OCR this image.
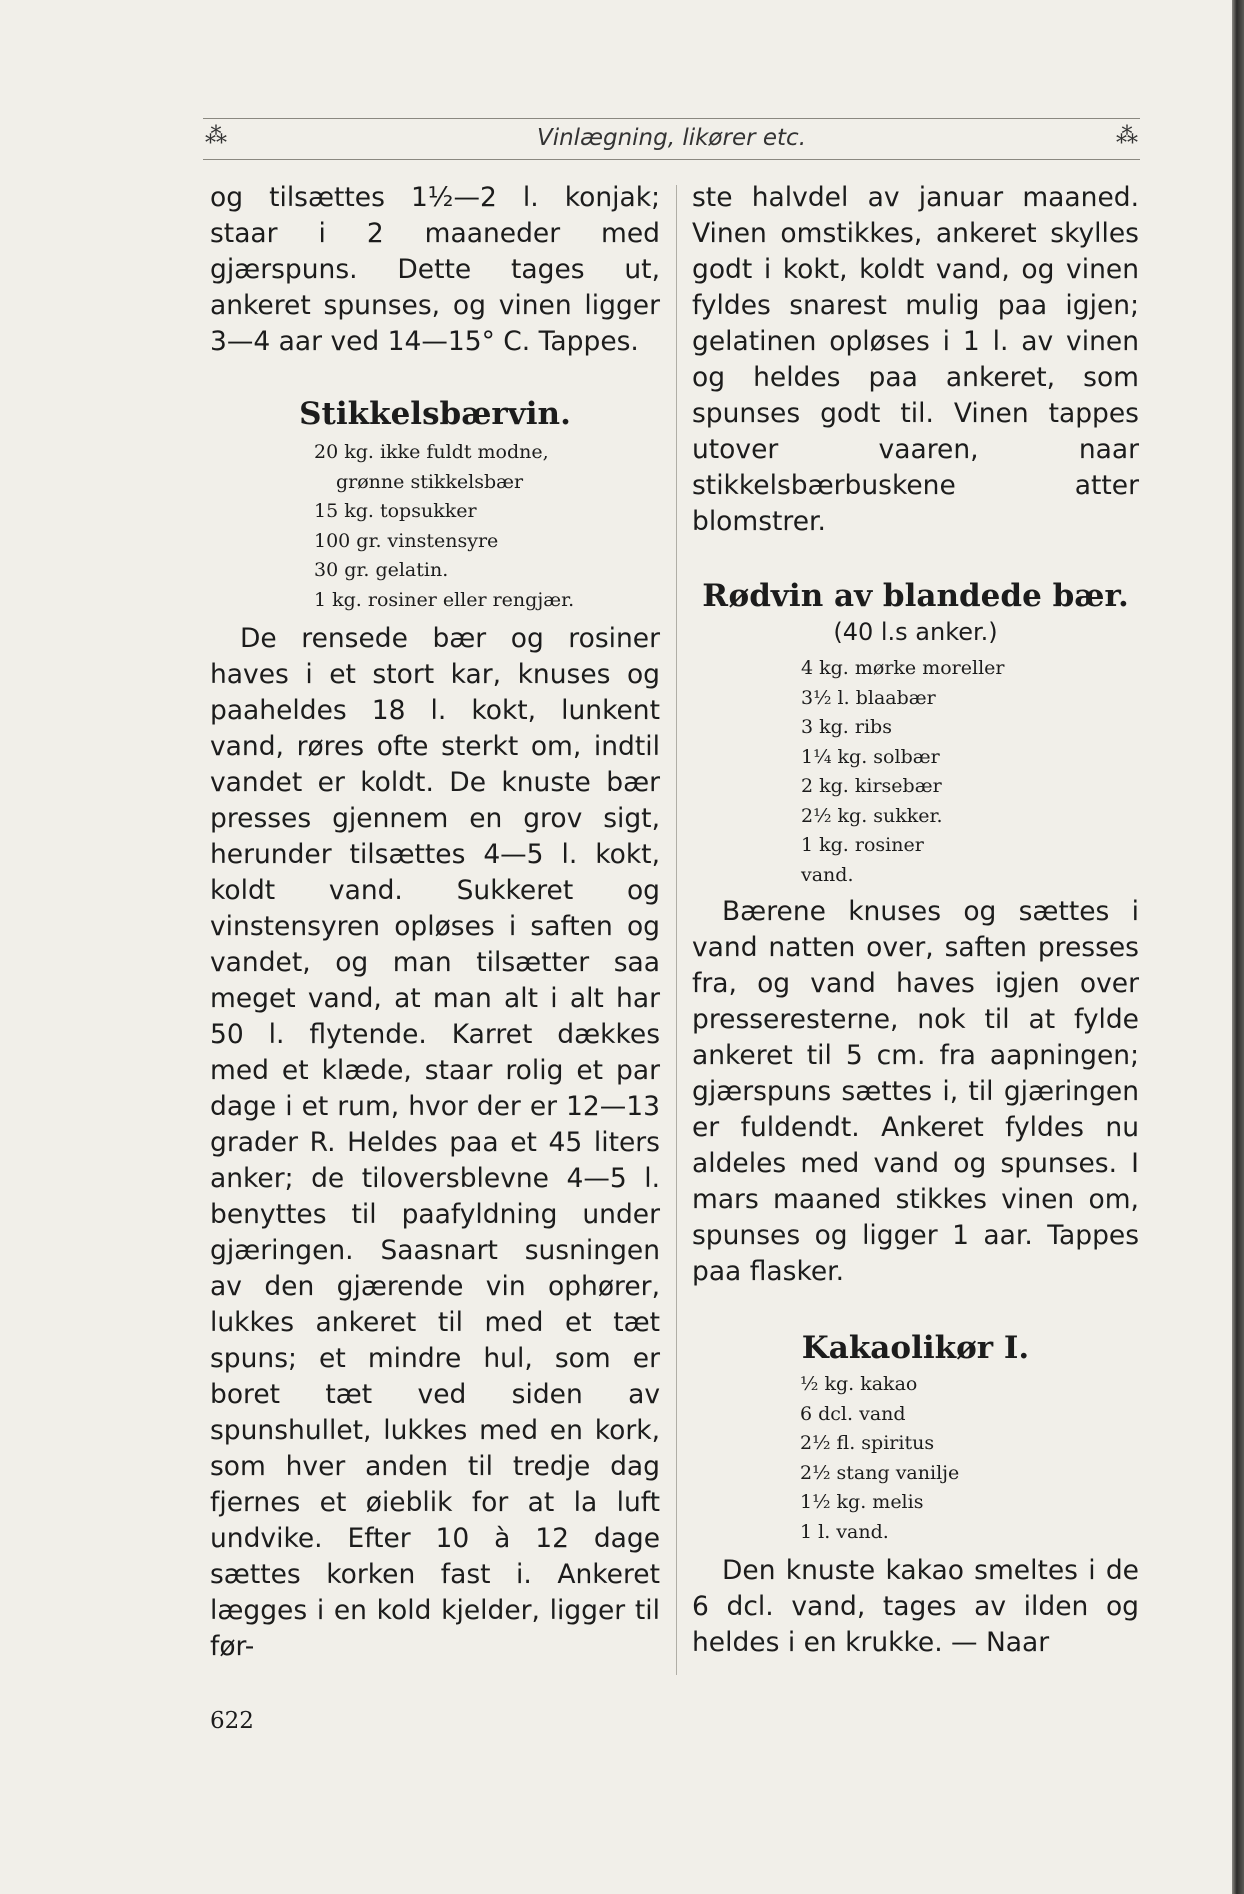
⁂	Vinlægning, likører etc.	⁂

og tilsættes 1½—2 l. konjak; staar i 2 maaneder med gjærspuns. Dette tages ut, ankeret spunses, og vinen ligger 3—4 aar ved 14—15° C. Tappes.

Stikkelsbærvin.
20 kg. ikke fuldt modne,
grønne stikkelsbær
15 kg. topsukker
100 gr. vinstensyre
30 gr. gelatin.
1 kg. rosiner eller rengjær.

De rensede bær og rosiner haves i et stort kar, knuses og paaheldes 18 l. kokt, lunkent vand, røres ofte sterkt om, indtil vandet er koldt. De knuste bær presses gjennem en grov sigt, herunder tilsættes 4—5 l. kokt, koldt vand. Sukkeret og vinstensyren opløses i saften og vandet, og man tilsætter saa meget vand, at man alt i alt har 50 l. flytende. Karret dækkes med et klæde, staar rolig et par dage i et rum, hvor der er 12—13 grader R. Heldes paa et 45 liters anker; de tiloversblevne 4—5 l. benyttes til paafyldning under gjæringen. Saasnart susningen av den gjærende vin ophører, lukkes ankeret til med et tæt spuns; et mindre hul, som er boret tæt ved siden av spunshullet, lukkes med en kork, som hver anden til tredje dag fjernes et øieblik for at la luft undvike. Efter 10 à 12 dage sættes korken fast i. Ankeret lægges i en kold kjelder, ligger til før-

ste halvdel av januar maaned. Vinen omstikkes, ankeret skylles godt i kokt, koldt vand, og vinen fyldes snarest mulig paa igjen; gelatinen opløses i 1 l. av vinen og heldes paa ankeret, som spunses godt til. Vinen tappes utover vaaren, naar stikkelsbærbuskene atter blomstrer.

Rødvin av blandede bær.

(40 l.s anker.)

4 kg. mørke moreller
3½ l. blaabær
3 kg. ribs
1¼ kg. solbær
2 kg. kirsebær
2½ kg. sukker.
1 kg. rosiner
vand.

Bærene knuses og sættes i vand natten over, saften presses fra, og vand haves igjen over presseresterne, nok til at fylde ankeret til 5 cm. fra aapningen; gjærspuns sættes i, til gjæringen er fuldendt. Ankeret fyldes nu aldeles med vand og spunses. I mars maaned stikkes vinen om, spunses og ligger 1 aar. Tappes paa flasker.

Kakaolikør I.
½ kg. kakao
6 dcl. vand
2½ fl. spiritus
2½ stang vanilje
1½ kg. melis
1 l. vand.

Den knuste kakao smeltes i de 6 dcl. vand, tages av ilden og heldes i en krukke. — Naar

622
